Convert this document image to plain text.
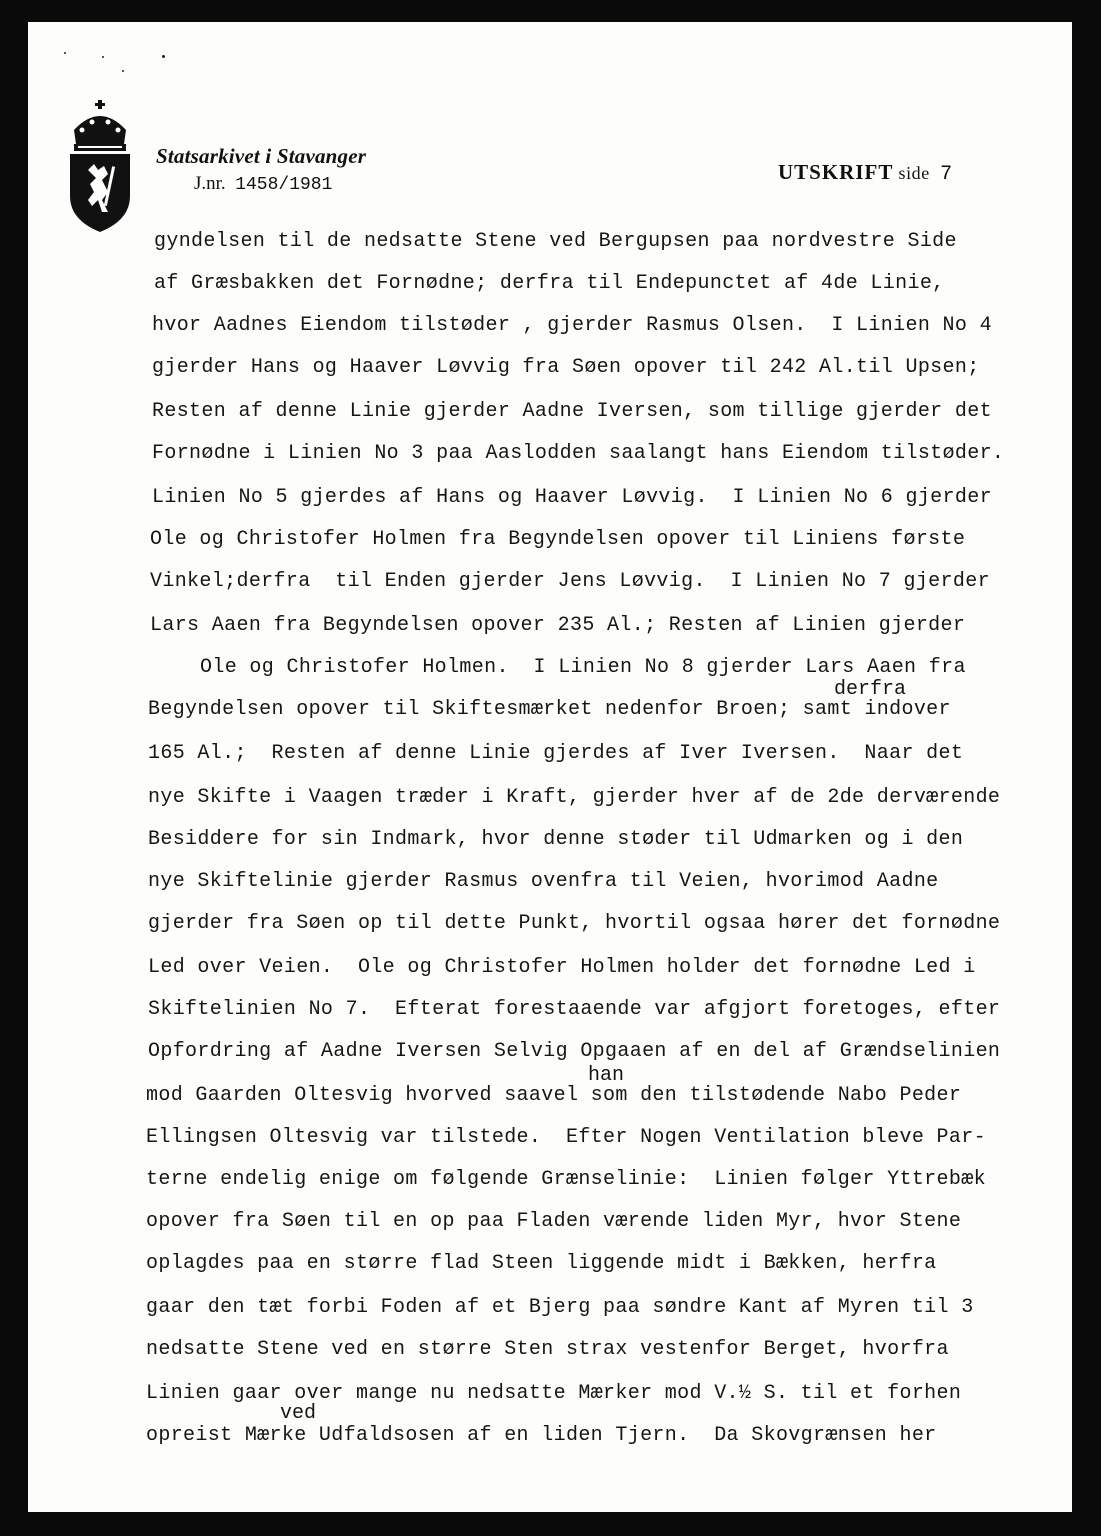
Statsarkivet i Stavanger
J.nr. 1458/1981
UTSKRIFT side 7
gyndelsen til de nedsatte Stene ved Bergupsen paa nordvestre Side
af Græsbakken det Fornødne; derfra til Endepunctet af 4de Linie,
hvor Aadnes Eiendom tilstøder , gjerder Rasmus Olsen.  I Linien No 4
gjerder Hans og Haaver Løvvig fra Søen opover til 242 Al.til Upsen;
Resten af denne Linie gjerder Aadne Iversen, som tillige gjerder det
Fornødne i Linien No 3 paa Aaslodden saalangt hans Eiendom tilstøder.
Linien No 5 gjerdes af Hans og Haaver Løvvig.  I Linien No 6 gjerder
Ole og Christofer Holmen fra Begyndelsen opover til Liniens første
Vinkel;derfra  til Enden gjerder Jens Løvvig.  I Linien No 7 gjerder
Lars Aaen fra Begyndelsen opover 235 Al.; Resten af Linien gjerder
Ole og Christofer Holmen.  I Linien No 8 gjerder Lars Aaen fra
derfra
Begyndelsen opover til Skiftesmærket nedenfor Broen; samt indover
165 Al.;  Resten af denne Linie gjerdes af Iver Iversen.  Naar det
nye Skifte i Vaagen træder i Kraft, gjerder hver af de 2de derværende
Besiddere for sin Indmark, hvor denne støder til Udmarken og i den
nye Skiftelinie gjerder Rasmus ovenfra til Veien, hvorimod Aadne
gjerder fra Søen op til dette Punkt, hvortil ogsaa hører det fornødne
Led over Veien.  Ole og Christofer Holmen holder det fornødne Led i
Skiftelinien No 7.  Efterat forestaaende var afgjort foretoges, efter
Opfordring af Aadne Iversen Selvig Opgaaen af en del af Grændselinien
han
mod Gaarden Oltesvig hvorved saavel som den tilstødende Nabo Peder
Ellingsen Oltesvig var tilstede.  Efter Nogen Ventilation bleve Par-
terne endelig enige om følgende Grænselinie:  Linien følger Yttrebæk
opover fra Søen til en op paa Fladen værende liden Myr, hvor Stene
oplagdes paa en større flad Steen liggende midt i Bækken, herfra
gaar den tæt forbi Foden af et Bjerg paa søndre Kant af Myren til 3
nedsatte Stene ved en større Sten strax vestenfor Berget, hvorfra
Linien gaar over mange nu nedsatte Mærker mod V.½ S. til et forhen
ved
opreist Mærke Udfaldsosen af en liden Tjern.  Da Skovgrænsen her
